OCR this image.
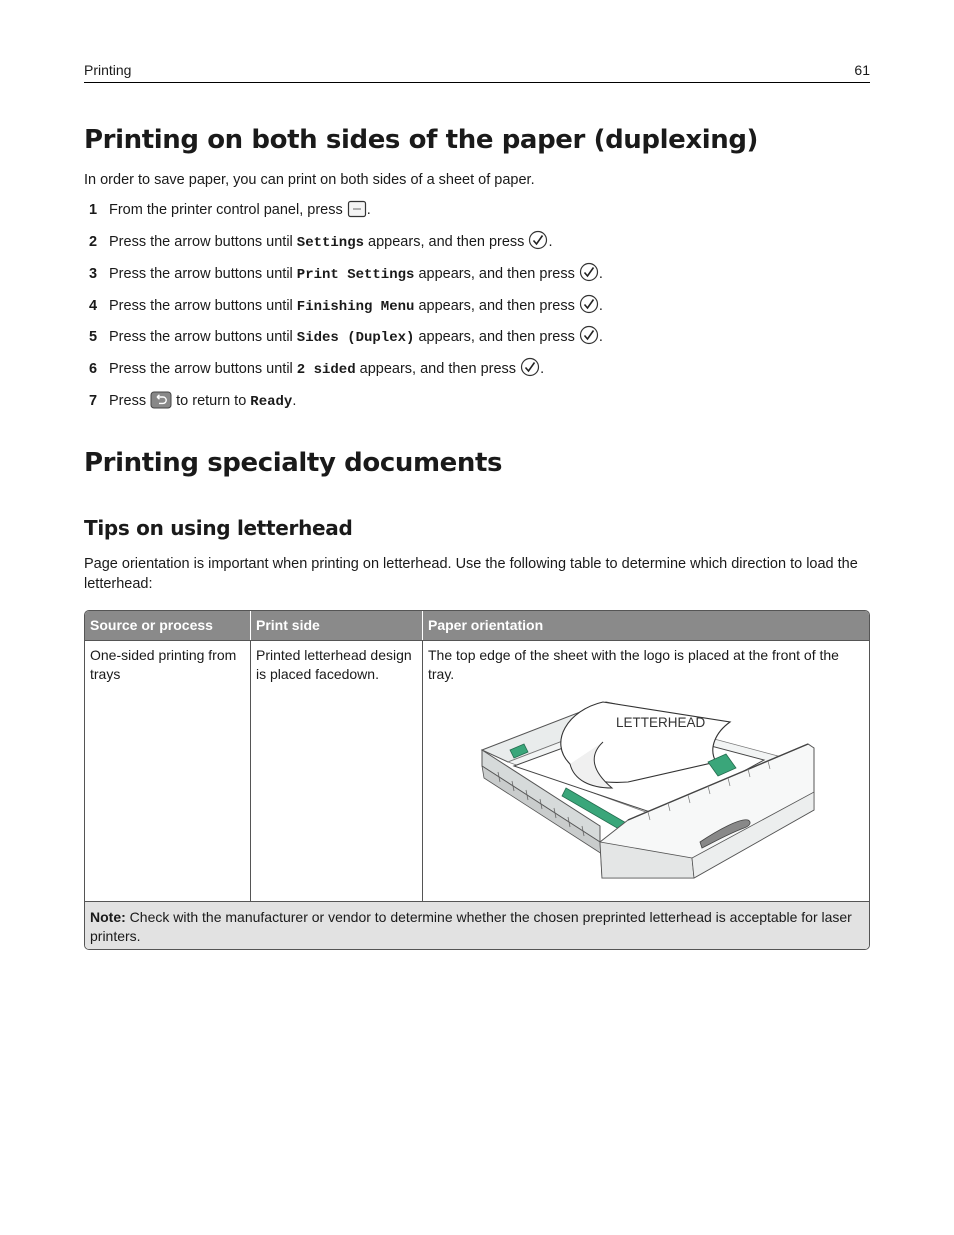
Printing	61
Printing on both sides of the paper (duplexing)

In order to save paper, you can print on both sides of a sheet of paper.

1 From the printer control panel, press .
2 Press the arrow buttons until Settings appears, and then press .
3 Press the arrow buttons until Print Settings appears, and then press .
4 Press the arrow buttons until Finishing Menu appears, and then press .
5 Press the arrow buttons until Sides (Duplex) appears, and then press .
6 Press the arrow buttons until 2 sided appears, and then press .
7 Press to return to Ready.
Printing specialty documents
Tips on using letterhead

Page orientation is important when printing on letterhead. Use the following table to determine which direction to load the letterhead:

Source or process	Print side	Paper orientation
One-sided printing from trays	Printed letterhead design is placed facedown.	The top edge of the sheet with the logo is placed at the front of the tray.
LETTERHEAD

Note: Check with the manufacturer or vendor to determine whether the chosen preprinted letterhead is acceptable for laser printers.		
